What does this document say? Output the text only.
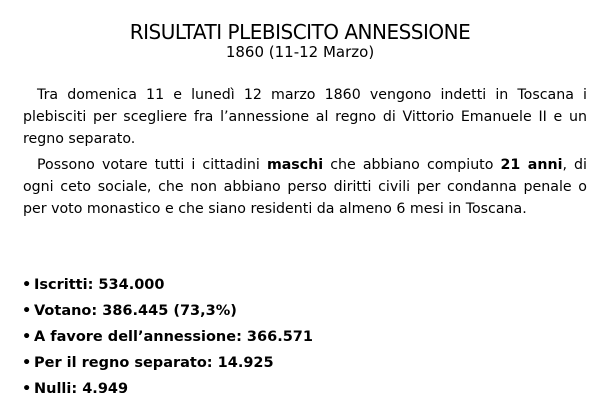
RISULTATI PLEBISCITO ANNESSIONE
1860 (11-12 Marzo)

Tra domenica 11 e lunedì 12 marzo 1860 vengono indetti in Toscana i plebisciti per scegliere fra l’annessione al regno di Vittorio Emanuele II e un regno separato.

Possono votare tutti i cittadini maschi che abbiano compiuto 21 anni, di ogni ceto sociale, che non abbiano perso diritti civili per condanna penale o per voto monastico e che siano residenti da almeno 6 mesi in Toscana.

• Iscritti: 534.000
• Votano: 386.445 (73,3%)
• A favore dell’annessione: 366.571
• Per il regno separato: 14.925
• Nulli: 4.949
